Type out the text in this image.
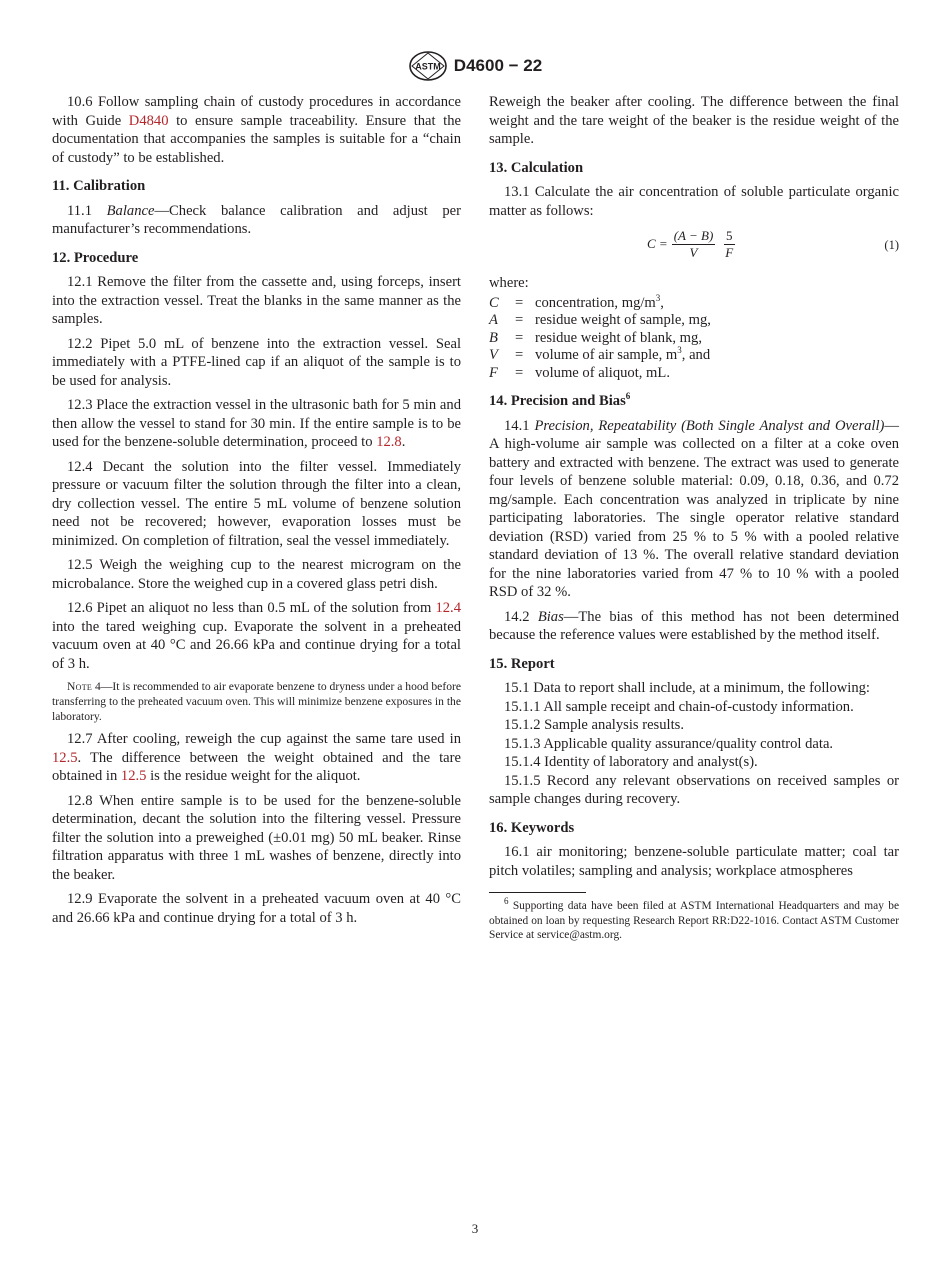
ASTM D4600 − 22

10.6 Follow sampling chain of custody procedures in accordance with Guide D4840 to ensure sample traceability. Ensure that the documentation that accompanies the samples is suitable for a “chain of custody” to be established.

11. Calibration

11.1 Balance—Check balance calibration and adjust per manufacturer’s recommendations.

12. Procedure

12.1 Remove the filter from the cassette and, using forceps, insert into the extraction vessel. Treat the blanks in the same manner as the samples.

12.2 Pipet 5.0 mL of benzene into the extraction vessel. Seal immediately with a PTFE-lined cap if an aliquot of the sample is to be used for analysis.

12.3 Place the extraction vessel in the ultrasonic bath for 5 min and then allow the vessel to stand for 30 min. If the entire sample is to be used for the benzene-soluble determination, proceed to 12.8.

12.4 Decant the solution into the filter vessel. Immediately pressure or vacuum filter the solution through the filter into a clean, dry collection vessel. The entire 5 mL volume of benzene solution need not be recovered; however, evaporation losses must be minimized. On completion of filtration, seal the vessel immediately.

12.5 Weigh the weighing cup to the nearest microgram on the microbalance. Store the weighed cup in a covered glass petri dish.

12.6 Pipet an aliquot no less than 0.5 mL of the solution from 12.4 into the tared weighing cup. Evaporate the solvent in a preheated vacuum oven at 40 °C and 26.66 kPa and continue drying for a total of 3 h.

Note 4—It is recommended to air evaporate benzene to dryness under a hood before transferring to the preheated vacuum oven. This will minimize benzene exposures in the laboratory.

12.7 After cooling, reweigh the cup against the same tare used in 12.5. The difference between the weight obtained and the tare obtained in 12.5 is the residue weight for the aliquot.

12.8 When entire sample is to be used for the benzene-soluble determination, decant the solution into the filtering vessel. Pressure filter the solution into a preweighed (±0.01 mg) 50 mL beaker. Rinse filtration apparatus with three 1 mL washes of benzene, directly into the beaker.

12.9 Evaporate the solvent in a preheated vacuum oven at 40 °C and 26.66 kPa and continue drying for a total of 3 h.

Reweigh the beaker after cooling. The difference between the final weight and the tare weight of the beaker is the residue weight of the sample.

13. Calculation

13.1 Calculate the air concentration of soluble particulate organic matter as follows:

$C = \frac{(A - B)}{V} \frac{5}{F}$	(1)

where:

C	= concentration, $mg/m^3$,
A	= residue weight of sample, mg,
B	= residue weight of blank, mg,
V	= volume of air sample, $m^3$, and
F	= volume of aliquot, mL.
14. Precision and Bias$^6$

14.1 Precision, Repeatability (Both Single Analyst and Overall)—A high-volume air sample was collected on a filter at a coke oven battery and extracted with benzene. The extract was used to generate four levels of benzene soluble material: 0.09, 0.18, 0.36, and 0.72 mg/sample. Each concentration was analyzed in triplicate by nine participating laboratories. The single operator relative standard deviation (RSD) varied from 25 % to 5 % with a pooled relative standard deviation of 13 %. The overall relative standard deviation for the nine laboratories varied from 47 % to 10 % with a pooled RSD of 32 %.

14.2 Bias—The bias of this method has not been determined because the reference values were established by the method itself.

15. Report

15.1 Data to report shall include, at a minimum, the following:

15.1.1 All sample receipt and chain-of-custody information.

15.1.2 Sample analysis results.

15.1.3 Applicable quality assurance/quality control data.

15.1.4 Identity of laboratory and analyst(s).

15.1.5 Record any relevant observations on received samples or sample changes during recovery.

16. Keywords

16.1 air monitoring; benzene-soluble particulate matter; coal tar pitch volatiles; sampling and analysis; workplace atmospheres

$^6$ Supporting data have been filed at ASTM International Headquarters and may be obtained on loan by requesting Research Report RR:D22-1016. Contact ASTM Customer Service at service@astm.org.
3
